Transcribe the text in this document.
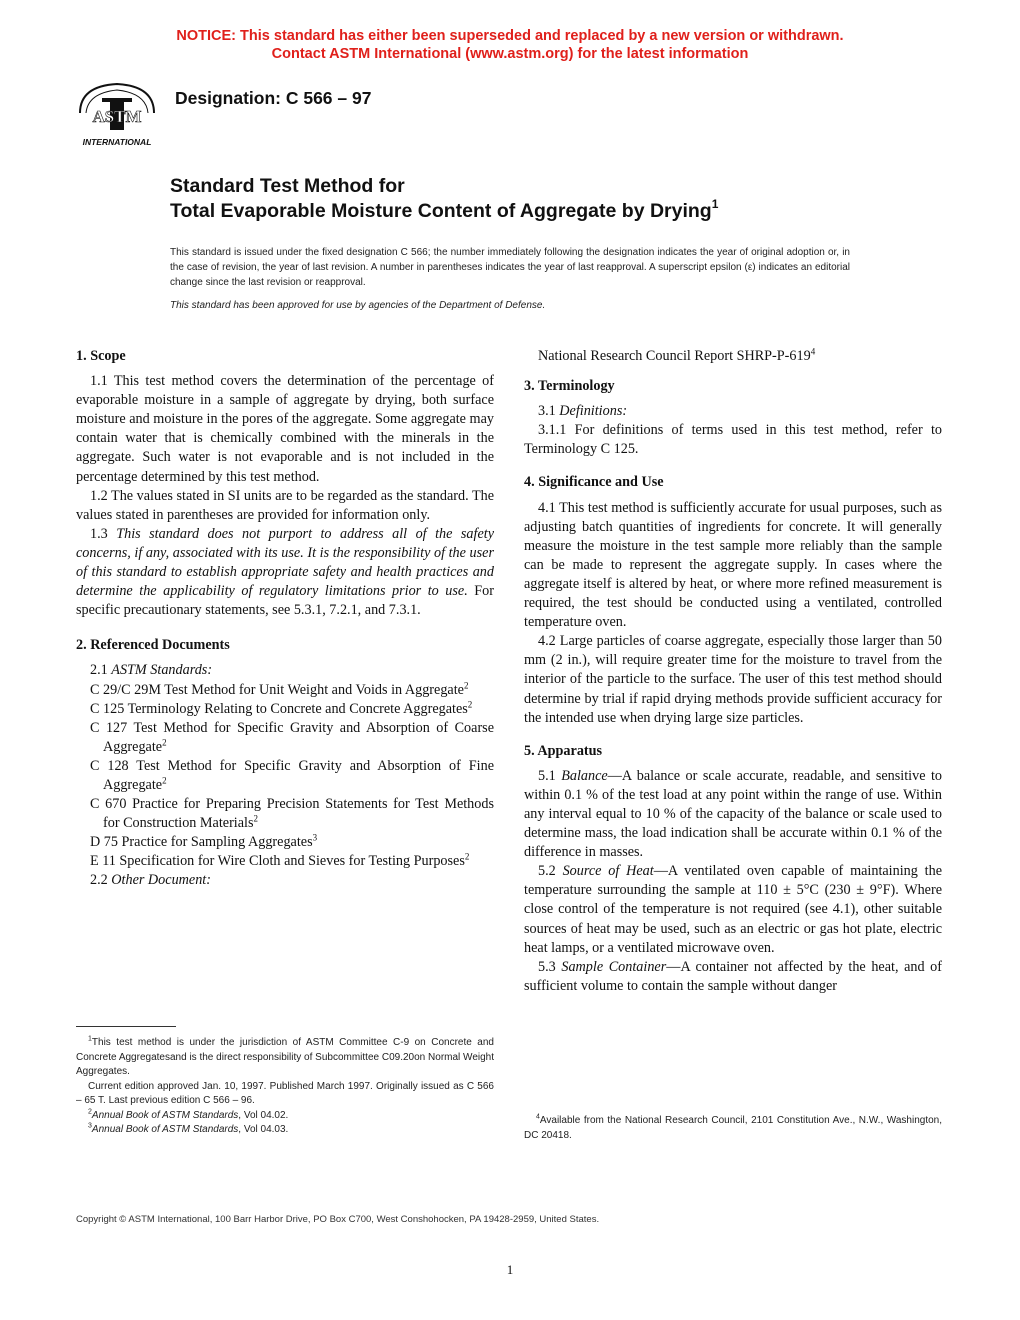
NOTICE: This standard has either been superseded and replaced by a new version or withdrawn.
Contact ASTM International (www.astm.org) for the latest information
ASTM
INTERNATIONAL
Designation: C 566 – 97
Standard Test Method for
Total Evaporable Moisture Content of Aggregate by Drying$^1$
This standard is issued under the fixed designation C 566; the number immediately following the designation indicates the year of original adoption or, in the case of revision, the year of last revision. A number in parentheses indicates the year of last reapproval. A superscript epsilon (ε) indicates an editorial change since the last revision or reapproval.
This standard has been approved for use by agencies of the Department of Defense.
1. Scope

1.1 This test method covers the determination of the percentage of evaporable moisture in a sample of aggregate by drying, both surface moisture and moisture in the pores of the aggregate. Some aggregate may contain water that is chemically combined with the minerals in the aggregate. Such water is not evaporable and is not included in the percentage determined by this test method.

1.2 The values stated in SI units are to be regarded as the standard. The values stated in parentheses are provided for information only.

1.3 This standard does not purport to address all of the safety concerns, if any, associated with its use. It is the responsibility of the user of this standard to establish appropriate safety and health practices and determine the applicability of regulatory limitations prior to use. For specific precautionary statements, see 5.3.1, 7.2.1, and 7.3.1.

2. Referenced Documents
2.1 ASTM Standards:
C 29/C 29M Test Method for Unit Weight and Voids in Aggregate$^2$
C 125 Terminology Relating to Concrete and Concrete Aggregates$^2$
C 127 Test Method for Specific Gravity and Absorption of Coarse Aggregate$^2$
C 128 Test Method for Specific Gravity and Absorption of Fine Aggregate$^2$
C 670 Practice for Preparing Precision Statements for Test Methods for Construction Materials$^2$
D 75 Practice for Sampling Aggregates$^3$
E 11 Specification for Wire Cloth and Sieves for Testing Purposes$^2$
2.2 Other Document:
National Research Council Report SHRP-$P-619^4$
3. Terminology
3.1 Definitions:

3.1.1 For definitions of terms used in this test method, refer to Terminology C 125.

4. Significance and Use

4.1 This test method is sufficiently accurate for usual purposes, such as adjusting batch quantities of ingredients for concrete. It will generally measure the moisture in the test sample more reliably than the sample can be made to represent the aggregate supply. In cases where the aggregate itself is altered by heat, or where more refined measurement is required, the test should be conducted using a ventilated, controlled temperature oven.

4.2 Large particles of coarse aggregate, especially those larger than 50 mm (2 in.), will require greater time for the moisture to travel from the interior of the particle to the surface. The user of this test method should determine by trial if rapid drying methods provide sufficient accuracy for the intended use when drying large size particles.

5. Apparatus

5.1 Balance—A balance or scale accurate, readable, and sensitive to within 0.1 % of the test load at any point within the range of use. Within any interval equal to 10 % of the capacity of the balance or scale used to determine mass, the load indication shall be accurate within 0.1 % of the difference in masses.

5.2 Source of Heat—A ventilated oven capable of maintaining the temperature surrounding the sample at 110 ± 5°C (230 ± 9°F). Where close control of the temperature is not required (see 4.1), other suitable sources of heat may be used, such as an electric or gas hot plate, electric heat lamps, or a ventilated microwave oven.

5.3 Sample Container—A container not affected by the heat, and of sufficient volume to contain the sample without danger

$^1$This test method is under the jurisdiction of ASTM Committee C-9 on Concrete and Concrete Aggregatesand is the direct responsibility of Subcommittee C09.20on Normal Weight Aggregates.

Current edition approved Jan. 10, 1997. Published March 1997. Originally issued as C 566 – 65 T. Last previous edition C 566 – 96.

$^2$Annual Book of ASTM Standards, Vol 04.02.

$^3$Annual Book of ASTM Standards, Vol 04.03.

$^4$Available from the National Research Council, 2101 Constitution Ave., N.W., Washington, DC 20418.

Copyright © ASTM International, 100 Barr Harbor Drive, PO Box C700, West Conshohocken, PA 19428-2959, United States.
1
